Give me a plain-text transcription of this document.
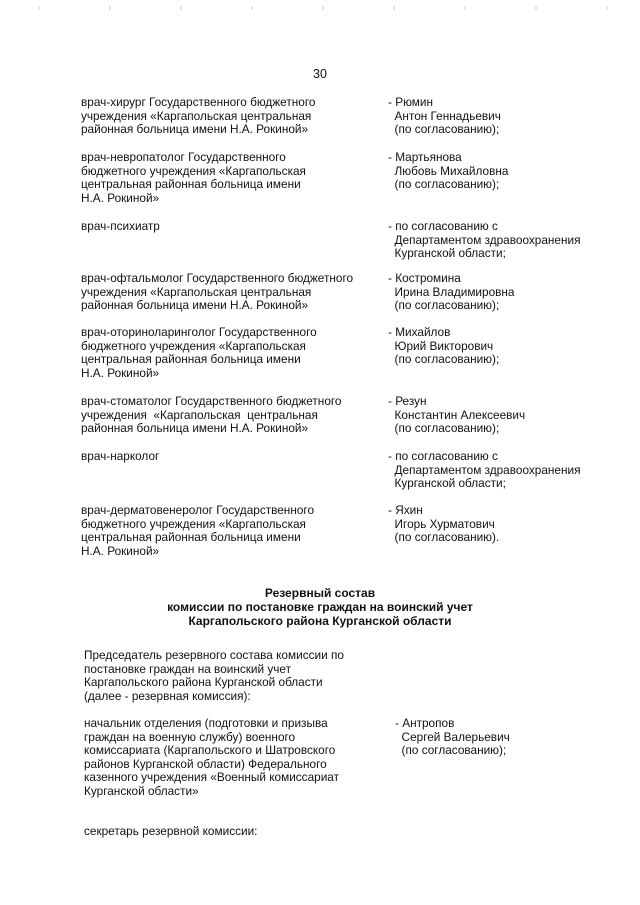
30
врач-хирург Государственного бюджетного
учреждения «Каргапольская центральная
районная больница имени Н.А. Рокиной»
- Рюмин
Антон Геннадьевич
(по согласованию);
врач-невропатолог Государственного
бюджетного учреждения «Каргапольская
центральная районная больница имени
Н.А. Рокиной»
- Мартьянова
Любовь Михайловна
(по согласованию);
врач-психиатр	- по согласованию с
Департаментом здравоохранения
Курганской области;
врач-офтальмолог Государственного бюджетного
учреждения «Каргапольская центральная
районная больница имени Н.А. Рокиной»
- Костромина
Ирина Владимировна
(по согласованию);
врач-оториноларинголог Государственного
бюджетного учреждения «Каргапольская
центральная районная больница имени
Н.А. Рокиной»
- Михайлов
Юрий Викторович
(по согласованию);
врач-стоматолог Государственного бюджетного
учреждения  «Каргапольская  центральная
районная больница имени Н.А. Рокиной»
- Резун
Константин Алексеевич
(по согласованию);
врач-нарколог	- по согласованию с
Департаментом здравоохранения
Курганской области;
врач-дерматовенеролог Государственного
бюджетного учреждения «Каргапольская
центральная районная больница имени
Н.А. Рокиной»
- Яхин
Игорь Хурматович
(по согласованию).
Резервный состав
комиссии по постановке граждан на воинский учет
Каргапольского района Курганской области
Председатель резервного состава комиссии по
постановке граждан на воинский учет
Каргапольского района Курганской области
(далее - резервная комиссия):
начальник отделения (подготовки и призыва
граждан на военную службу) военного
комиссариата (Каргапольского и Шатровского
районов Курганской области) Федерального
казенного учреждения «Военный комиссариат
Курганской области»
- Антропов
Сергей Валерьевич
(по согласованию);
секретарь резервной комиссии:
